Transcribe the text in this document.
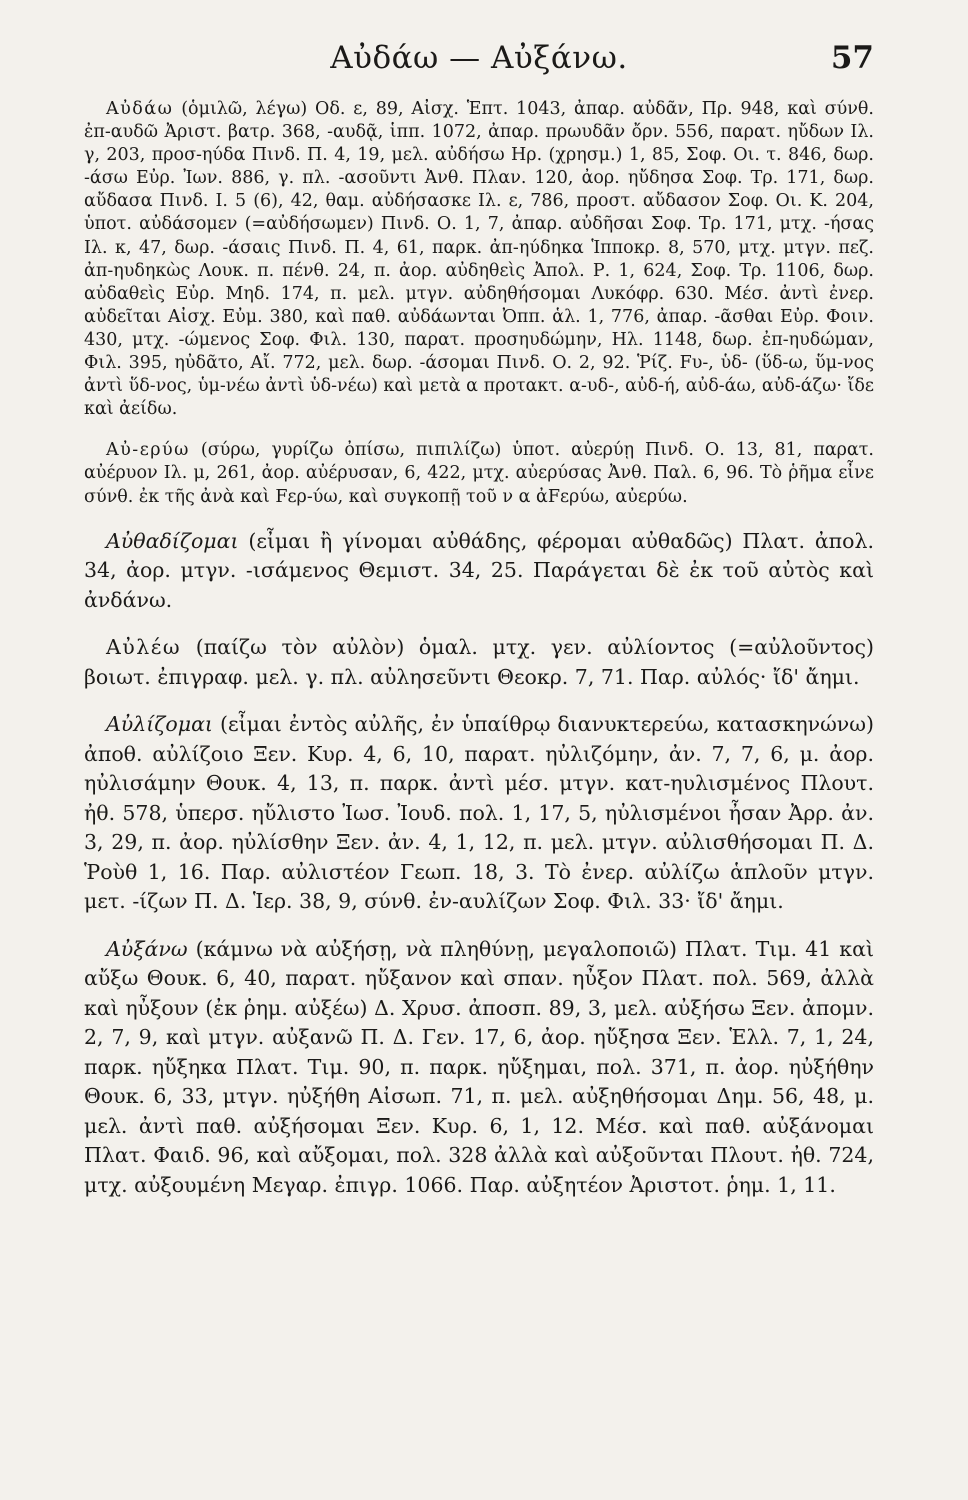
Αὐδάω — Αὐξάνω.	57

Αὐδάω (ὁμιλῶ, λέγω) Οδ. ε, 89, Αἰσχ. Ἑπτ. 1043, ἀπαρ. αὐδᾶν, Πρ. 948, καὶ σύνθ. ἐπ-αυδῶ Ἀριστ. βατρ. 368, -αυδᾷ, ἱππ. 1072, ἀπαρ. πρωυδᾶν ὄρν. 556, παρατ. ηὔδων Ιλ. γ, 203, προσ-ηύδα Πινδ. Π. 4, 19, μελ. αὐδήσω Ηρ. (χρησμ.) 1, 85, Σοφ. Οι. τ. 846, δωρ. -άσω Εὐρ. Ἰων. 886, γ. πλ. -ασοῦντι Ἀνθ. Πλαν. 120, ἀορ. ηὔδησα Σοφ. Τρ. 171, δωρ. αὔδασα Πινδ. Ι. 5 (6), 42, θαμ. αὐδήσασκε Ιλ. ε, 786, προστ. αὔδασον Σοφ. Οι. Κ. 204, ὑποτ. αὐδάσομεν (=αὐδήσωμεν) Πινδ. Ο. 1, 7, ἀπαρ. αὐδῆσαι Σοφ. Τρ. 171, μτχ. -ήσας Ιλ. κ, 47, δωρ. -άσαις Πινδ. Π. 4, 61, παρκ. ἀπ-ηύδηκα Ἱπποκρ. 8, 570, μτχ. μτγν. πεζ. ἀπ-ηυδηκὼς Λουκ. π. πένθ. 24, π. ἀορ. αὐδηθεὶς Ἀπολ. Ρ. 1, 624, Σοφ. Τρ. 1106, δωρ. αὐδαθεὶς Εὐρ. Μηδ. 174, π. μελ. μτγν. αὐδηθήσομαι Λυκόφρ. 630. Μέσ. ἀντὶ ἐνερ. αὐδεῖται Αἰσχ. Εὐμ. 380, καὶ παθ. αὐδάωνται Ὀππ. ἁλ. 1, 776, ἀπαρ. -ᾶσθαι Εὐρ. Φοιν. 430, μτχ. -ώμενος Σοφ. Φιλ. 130, παρατ. προσηυδώμην, Ηλ. 1148, δωρ. ἐπ-ηυδώμαν, Φιλ. 395, ηὐδᾶτο, Αἴ. 772, μελ. δωρ. -άσομαι Πινδ. Ο. 2, 92. Ῥίζ. Fυ-, ὑδ- (ὕδ-ω, ὕμ-νος ἀντὶ ὕδ-νος, ὑμ-νέω ἀντὶ ὑδ-νέω) καὶ μετὰ α προτακτ. α-υδ-, αὐδ-ή, αὐδ-άω, αὐδ-άζω· ἴδε καὶ ἀείδω.

Αὐ-ερύω (σύρω, γυρίζω ὀπίσω, πιπιλίζω) ὑποτ. αὐερύῃ Πινδ. Ο. 13, 81, παρατ. αὐέρυον Ιλ. μ, 261, ἀορ. αὐέρυσαν, 6, 422, μτχ. αὐερύσας Ἀνθ. Παλ. 6, 96. Τὸ ῥῆμα εἶνε σύνθ. ἐκ τῆς ἀνὰ καὶ Fερ-ύω, καὶ συγκοπῇ τοῦ ν α ἀFερύω, αὐερύω.

Αὐθαδίζομαι (εἶμαι ἢ γίνομαι αὐθάδης, φέρομαι αὐθαδῶς) Πλατ. ἀπολ. 34, ἀορ. μτγν. -ισάμενος Θεμιστ. 34, 25. Παράγεται δὲ ἐκ τοῦ αὐτὸς καὶ ἀνδάνω.

Αὐλέω (παίζω τὸν αὐλὸν) ὁμαλ. μτχ. γεν. αὐλίοντος (=αὐλοῦντος) βοιωτ. ἐπιγραφ. μελ. γ. πλ. αὐλησεῦντι Θεοκρ. 7, 71. Παρ. αὐλός· ἴδ' ἄημι.

Αὐλίζομαι (εἶμαι ἐντὸς αὐλῆς, ἐν ὑπαίθρῳ διανυκτερεύω, κατασκηνώνω) ἀποθ. αὐλίζοιο Ξεν. Κυρ. 4, 6, 10, παρατ. ηὐλιζόμην, ἀν. 7, 7, 6, μ. ἀορ. ηὐλισάμην Θουκ. 4, 13, π. παρκ. ἀντὶ μέσ. μτγν. κατ-ηυλισμένος Πλουτ. ἠθ. 578, ὑπερσ. ηὔλιστο Ἰωσ. Ἰουδ. πολ. 1, 17, 5, ηὐλισμένοι ἦσαν Ἀρρ. ἀν. 3, 29, π. ἀορ. ηὐλίσθην Ξεν. ἀν. 4, 1, 12, π. μελ. μτγν. αὐλισθήσομαι Π. Δ. Ῥοὺθ 1, 16. Παρ. αὐλιστέον Γεωπ. 18, 3. Τὸ ἐνερ. αὐλίζω ἁπλοῦν μτγν. μετ. -ίζων Π. Δ. Ἱερ. 38, 9, σύνθ. ἐν-αυλίζων Σοφ. Φιλ. 33· ἴδ' ἄημι.

Αὐξάνω (κάμνω νὰ αὐξήσῃ, νὰ πληθύνῃ, μεγαλοποιῶ) Πλατ. Τιμ. 41 καὶ αὔξω Θουκ. 6, 40, παρατ. ηὔξανον καὶ σπαν. ηὖξον Πλατ. πολ. 569, ἀλλὰ καὶ ηὖξουν (ἐκ ῥημ. αὐξέω) Δ. Χρυσ. ἀποσπ. 89, 3, μελ. αὐξήσω Ξεν. ἀπομν. 2, 7, 9, καὶ μτγν. αὐξανῶ Π. Δ. Γεν. 17, 6, ἀορ. ηὔξησα Ξεν. Ἑλλ. 7, 1, 24, παρκ. ηὔξηκα Πλατ. Τιμ. 90, π. παρκ. ηὔξημαι, πολ. 371, π. ἀορ. ηὐξήθην Θουκ. 6, 33, μτγν. ηὐξήθη Αἰσωπ. 71, π. μελ. αὐξηθήσομαι Δημ. 56, 48, μ. μελ. ἀντὶ παθ. αὐξήσομαι Ξεν. Κυρ. 6, 1, 12. Μέσ. καὶ παθ. αὐξάνομαι Πλατ. Φαιδ. 96, καὶ αὔξομαι, πολ. 328 ἀλλὰ καὶ αὐξοῦνται Πλουτ. ἠθ. 724, μτχ. αὐξουμένη Μεγαρ. ἐπιγρ. 1066. Παρ. αὐξητέον Ἀριστοτ. ῥημ. 1, 11.
